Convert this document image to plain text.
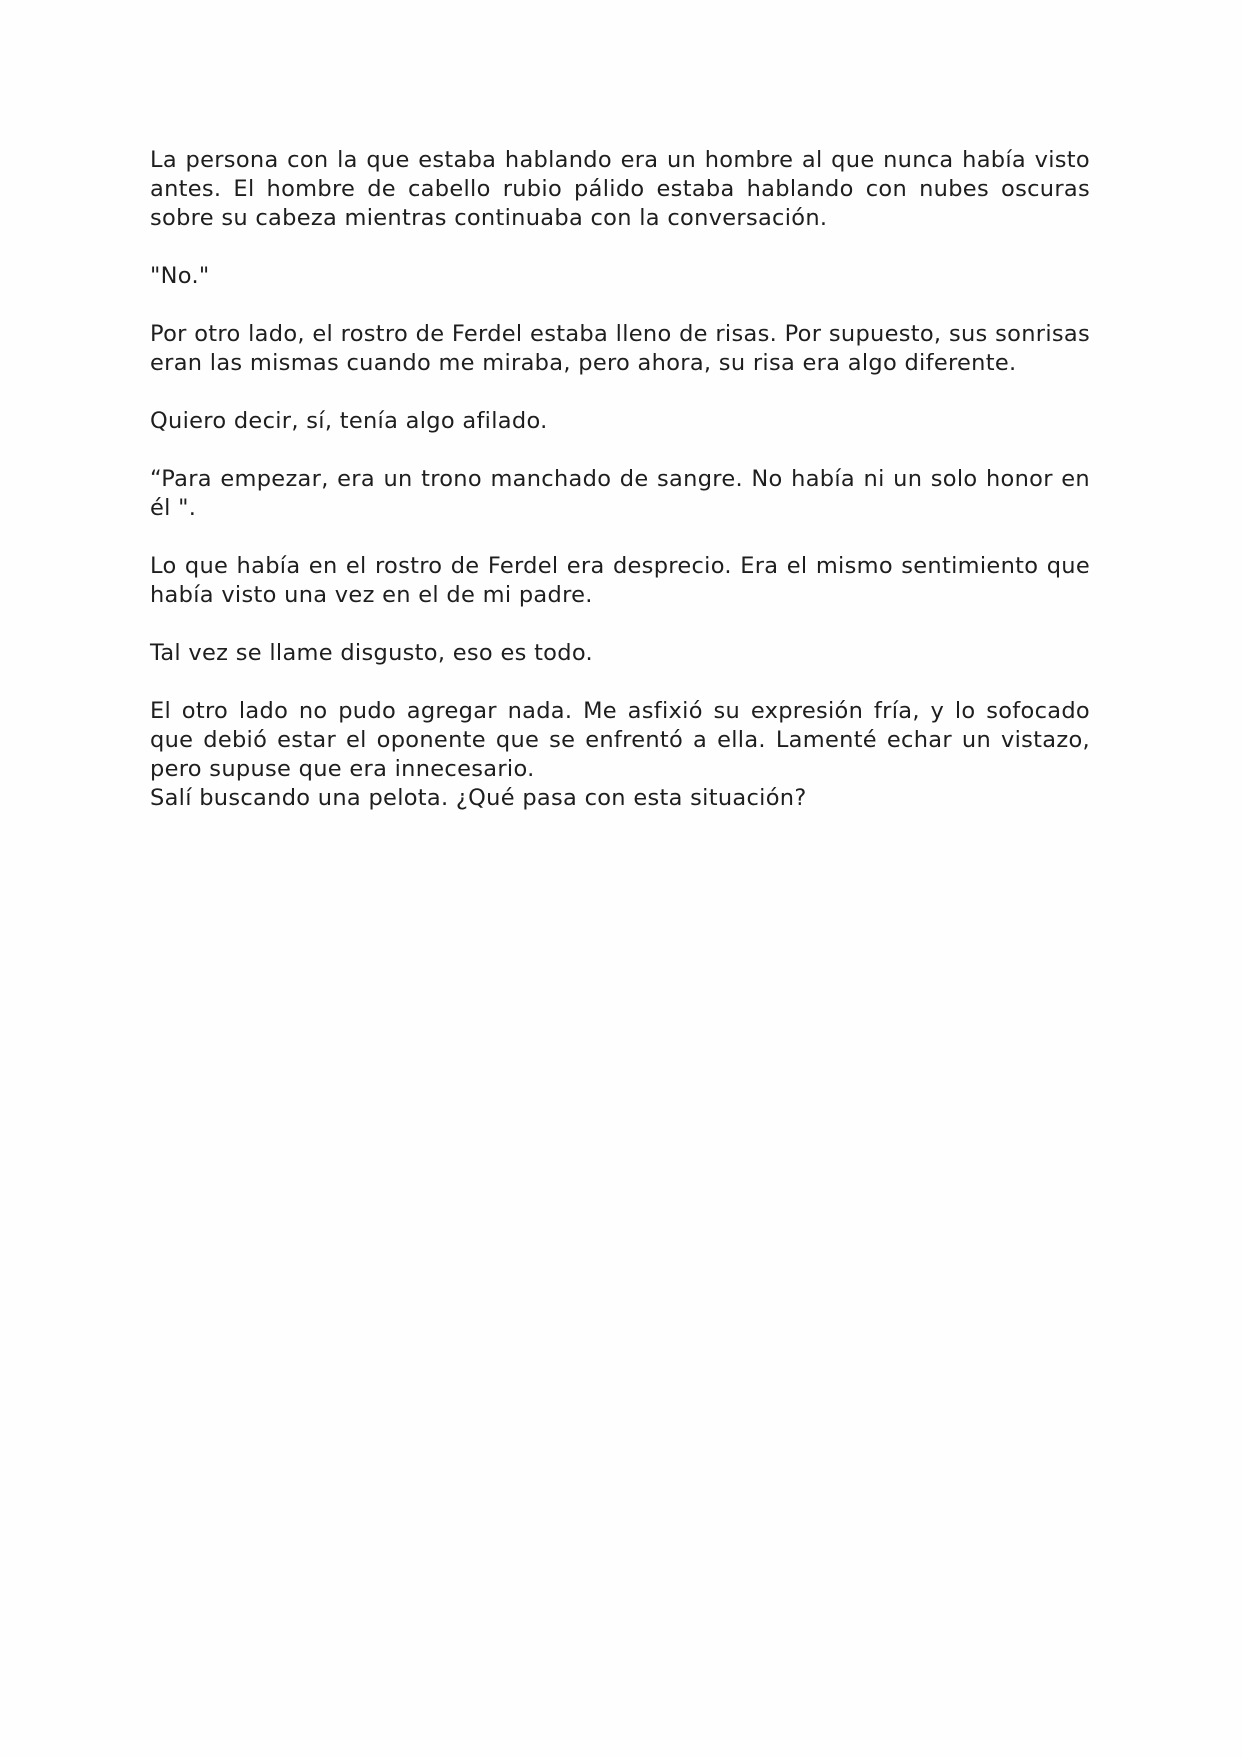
La persona con la que estaba hablando era un hombre al que nunca había visto antes. El hombre de cabello rubio pálido estaba hablando con nubes oscuras sobre su cabeza mientras continuaba con la conversación.

"No."

Por otro lado, el rostro de Ferdel estaba lleno de risas. Por supuesto, sus sonrisas eran las mismas cuando me miraba, pero ahora, su risa era algo diferente.

Quiero decir, sí, tenía algo afilado.

“Para empezar, era un trono manchado de sangre. No había ni un solo honor en él ".

Lo que había en el rostro de Ferdel era desprecio. Era el mismo sentimiento que había visto una vez en el de mi padre.

Tal vez se llame disgusto, eso es todo.

El otro lado no pudo agregar nada. Me asfixió su expresión fría, y lo sofocado que debió estar el oponente que se enfrentó a ella. Lamenté echar un vistazo, pero supuse que era innecesario.

Salí buscando una pelota. ¿Qué pasa con esta situación?
